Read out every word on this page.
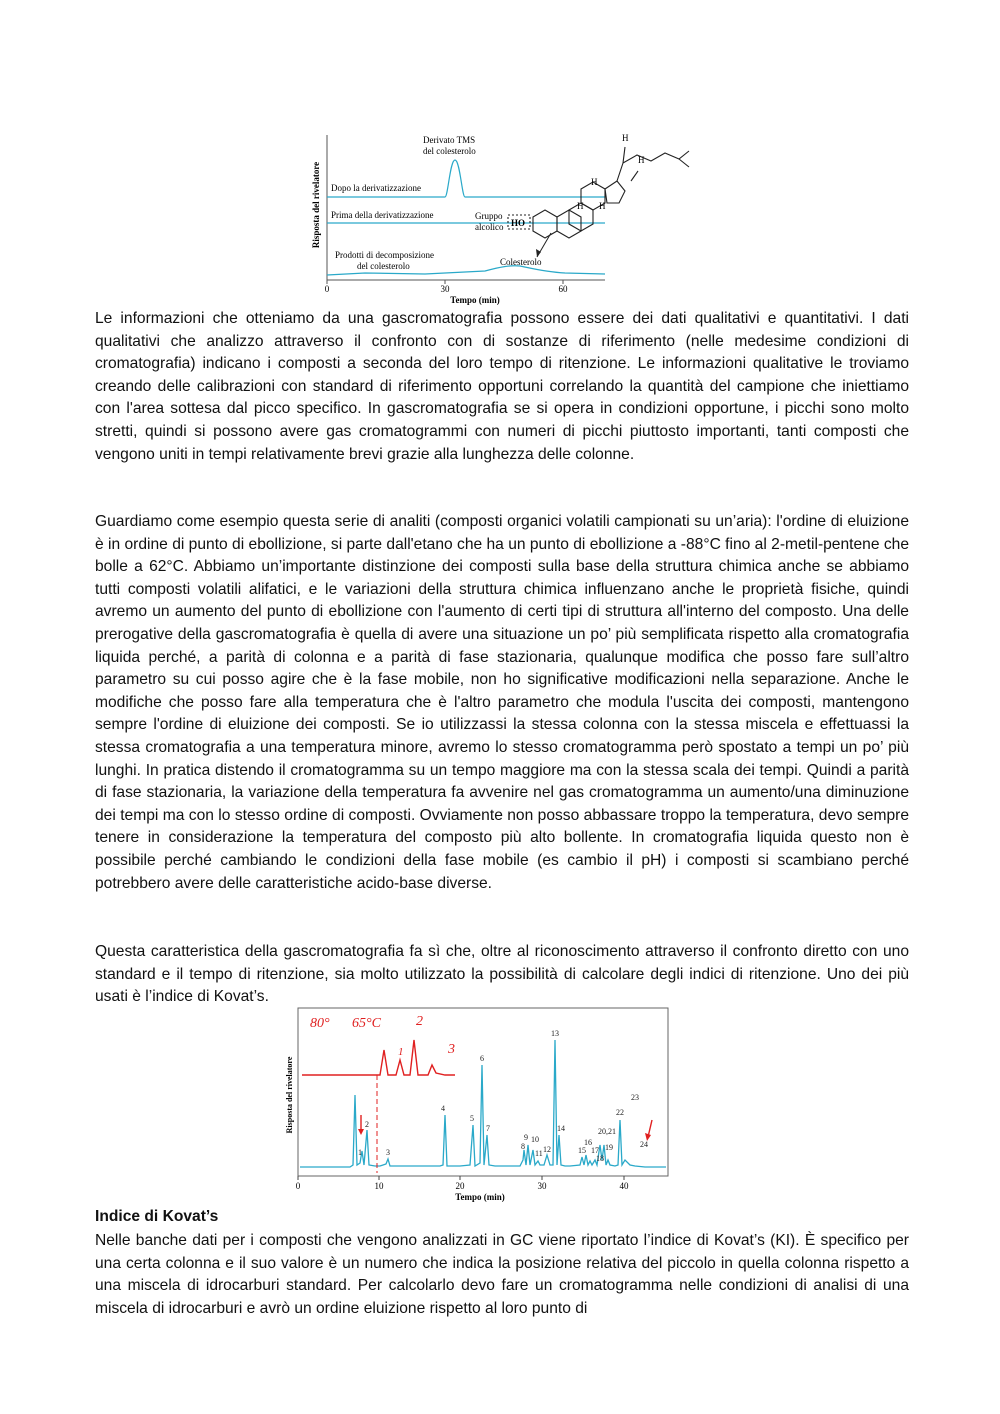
0	30	60
Tempo (min)
Risposta del rivelatore Dopo la derivatizzazione
Prima della derivatizzazione
Prodotti di decomposizione
del colesterolo
Derivato TMS
del colesterolo
Colesterolo
Gruppo
alcolico HO
H
H
H
H H

Le informazioni che otteniamo da una gascromatografia possono essere dei dati qualitativi e quantitativi. I dati qualitativi che analizzo attraverso il confronto con di sostanze di riferimento (nelle medesime condizioni di cromatografia) indicano i composti a seconda del loro tempo di ritenzione. Le informazioni qualitative le troviamo creando delle calibrazioni con standard di riferimento opportuni correlando la quantità del campione che iniettiamo con l'area sottesa dal picco specifico. In gascromatografia se si opera in condizioni opportune, i picchi sono molto stretti, quindi si possono avere gas cromatogrammi con numeri di picchi piuttosto importanti, tanti composti che vengono uniti in tempi relativamente brevi grazie alla lunghezza delle colonne.

Guardiamo come esempio questa serie di analiti (composti organici volatili campionati su un’aria): l'ordine di eluizione è in ordine di punto di ebollizione, si parte dall'etano che ha un punto di ebollizione a -88°C fino al 2-metil-pentene che bolle a 62°C. Abbiamo un’importante distinzione dei composti sulla base della struttura chimica anche se abbiamo tutti composti volatili alifatici, e le variazioni della struttura chimica influenzano anche le proprietà fisiche, quindi avremo un aumento del punto di ebollizione con l'aumento di certi tipi di struttura all'interno del composto. Una delle prerogative della gascromatografia è quella di avere una situazione un po’ più semplificata rispetto alla cromatografia liquida perché, a parità di colonna e a parità di fase stazionaria, qualunque modifica che posso fare sull’altro parametro su cui posso agire che è la fase mobile, non ho significative modificazioni nella separazione. Anche le modifiche che posso fare alla temperatura che è l'altro parametro che modula l'uscita dei composti, mantengono sempre l'ordine di eluizione dei composti. Se io utilizzassi la stessa colonna con la stessa miscela e effettuassi la stessa cromatografia a una temperatura minore, avremo lo stesso cromatogramma però spostato a tempi un po’ più lunghi. In pratica distendo il cromatogramma su un tempo maggiore ma con la stessa scala dei tempi. Quindi a parità di fase stazionaria, la variazione della temperatura fa avvenire nel gas cromatogramma un aumento/una diminuzione dei tempi ma con lo stesso ordine di composti. Ovviamente non posso abbassare troppo la temperatura, devo sempre tenere in considerazione la temperatura del composto più alto bollente. In cromatografia liquida questo non è possibile perché cambiando le condizioni della fase mobile (es cambio il pH) i composti si scambiano perché potrebbero avere delle caratteristiche acido-base diverse.

Questa caratteristica della gascromatografia fa sì che, oltre al riconoscimento attraverso il confronto diretto con uno standard e il tempo di ritenzione, sia molto utilizzato la possibilità di calcolare degli indici di ritenzione. Uno dei più usati è l’indice di Kovat’s.

Risposta del rivelatore
0	10	20	30	40
Tempo (min)
80° 65°C	2
1	3
1
2
3
4
5
6
7
8
9 10
11 12
13
14
15
16
17
18
19
20,21
22
23
24

Indice di Kovat’s

Nelle banche dati per i composti che vengono analizzati in GC viene riportato l’indice di Kovat’s (KI). È specifico per una certa colonna e il suo valore è un numero che indica la posizione relativa del piccolo in quella colonna rispetto a una miscela di idrocarburi standard. Per calcolarlo devo fare un cromatogramma nelle condizioni di analisi di una miscela di idrocarburi e avrò un ordine eluizione rispetto al loro punto di
